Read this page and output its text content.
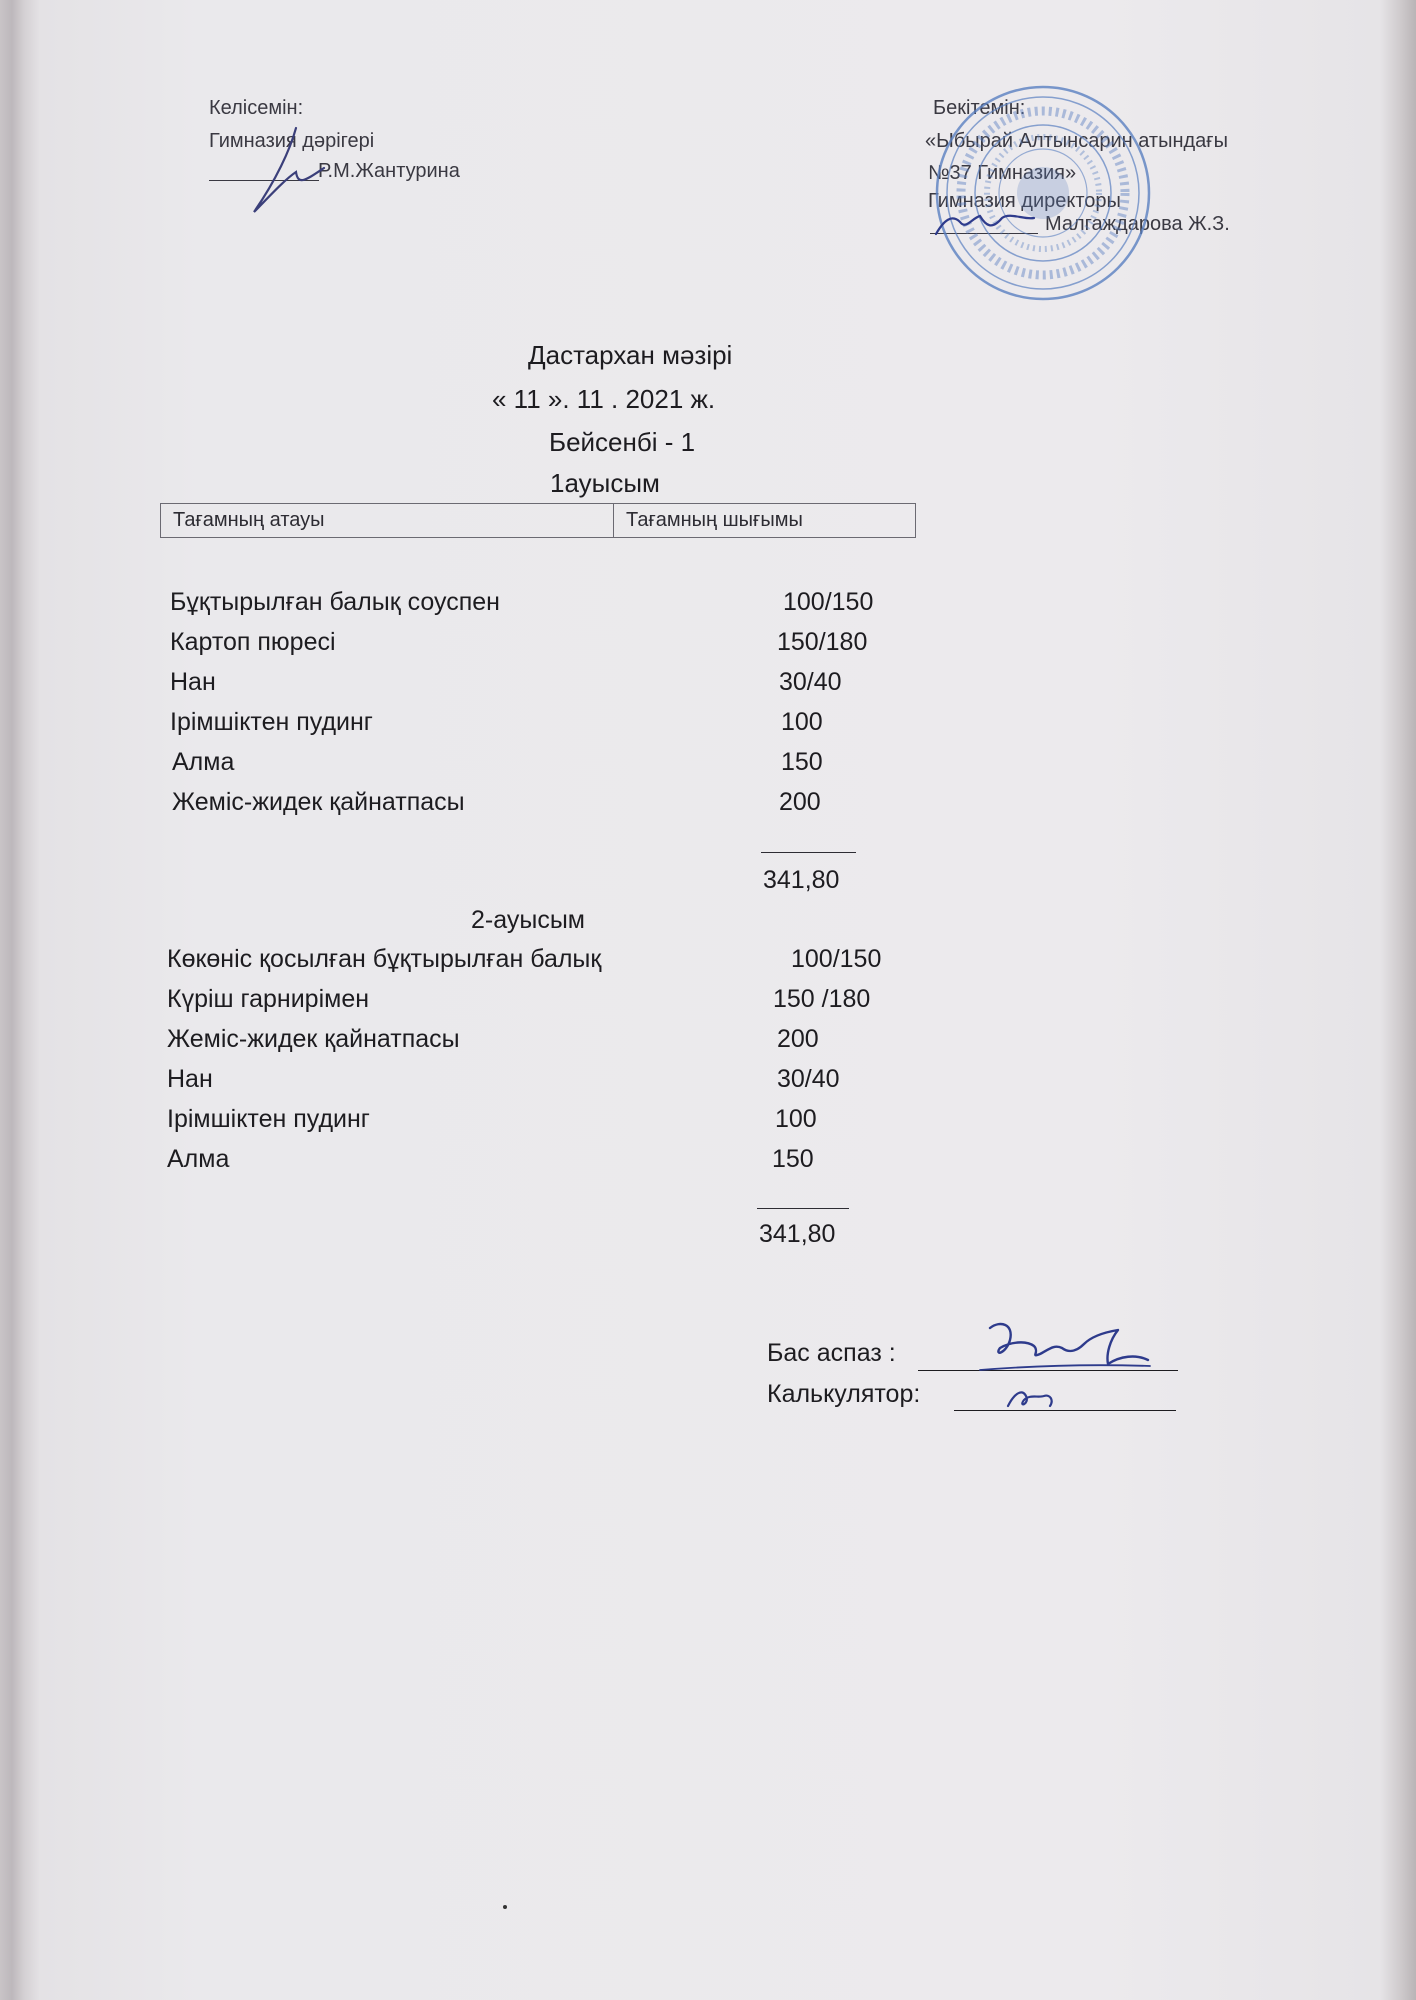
Келісемін:
Гимназия дәрігері
Р.М.Жантурина
Бекітемін:
«Ыбырай Алтынсарин атындағы
№37 Гимназия»
Гимназия директоры
Малгаждарова Ж.З.
Дастархан мәзірі
« 11 ». 11 . 2021 ж.
Бейсенбі - 1
1ауысым
Тағамның атауы	Тағамның шығымы
Бұқтырылған балық соуспен	100/150
Картоп пюресі	150/180
Нан	30/40
Ірімшіктен пудинг	100
Алма	150
Жеміс-жидек қайнатпасы	200
341,80
2-ауысым
Көкөніс қосылған бұқтырылған балық	100/150
Күріш гарнирімен	150 /180
Жеміс-жидек қайнатпасы	200
Нан	30/40
Ірімшіктен пудинг	100
Алма	150
341,80
Бас аспаз :
Калькулятор:
